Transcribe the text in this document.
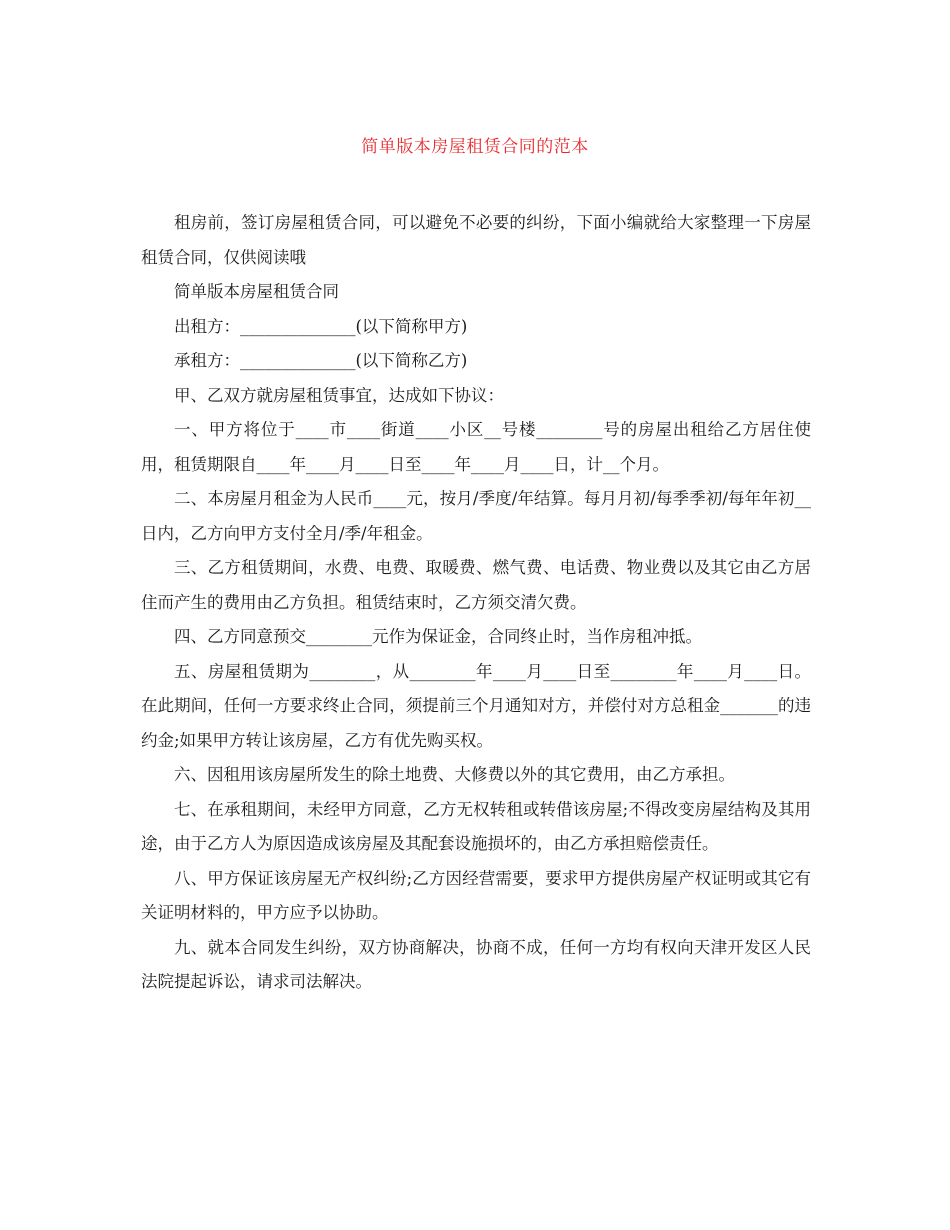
简单版本房屋租赁合同的范本

租房前，签订房屋租赁合同，可以避免不必要的纠纷，下面小编就给大家整理一下房屋租赁合同，仅供阅读哦

简单版本房屋租赁合同

出租方：______________(以下简称甲方)

承租方：______________(以下简称乙方)

甲、乙双方就房屋租赁事宜，达成如下协议：

一、甲方将位于____市____街道____小区__号楼________号的房屋出租给乙方居住使用，租赁期限自____年____月____日至____年____月____日，计__个月。

二、本房屋月租金为人民币____元，按月/季度/年结算。每月月初/每季季初/每年年初__日内，乙方向甲方支付全月/季/年租金。

三、乙方租赁期间，水费、电费、取暖费、燃气费、电话费、物业费以及其它由乙方居住而产生的费用由乙方负担。租赁结束时，乙方须交清欠费。

四、乙方同意预交________元作为保证金，合同终止时，当作房租冲抵。

五、房屋租赁期为________，从________年____月____日至________年____月____日。在此期间，任何一方要求终止合同，须提前三个月通知对方，并偿付对方总租金_______的违约金;如果甲方转让该房屋，乙方有优先购买权。

六、因租用该房屋所发生的除土地费、大修费以外的其它费用，由乙方承担。

七、在承租期间，未经甲方同意，乙方无权转租或转借该房屋;不得改变房屋结构及其用途，由于乙方人为原因造成该房屋及其配套设施损坏的，由乙方承担赔偿责任。

八、甲方保证该房屋无产权纠纷;乙方因经营需要，要求甲方提供房屋产权证明或其它有关证明材料的，甲方应予以协助。

九、就本合同发生纠纷，双方协商解决，协商不成，任何一方均有权向天津开发区人民法院提起诉讼，请求司法解决。
